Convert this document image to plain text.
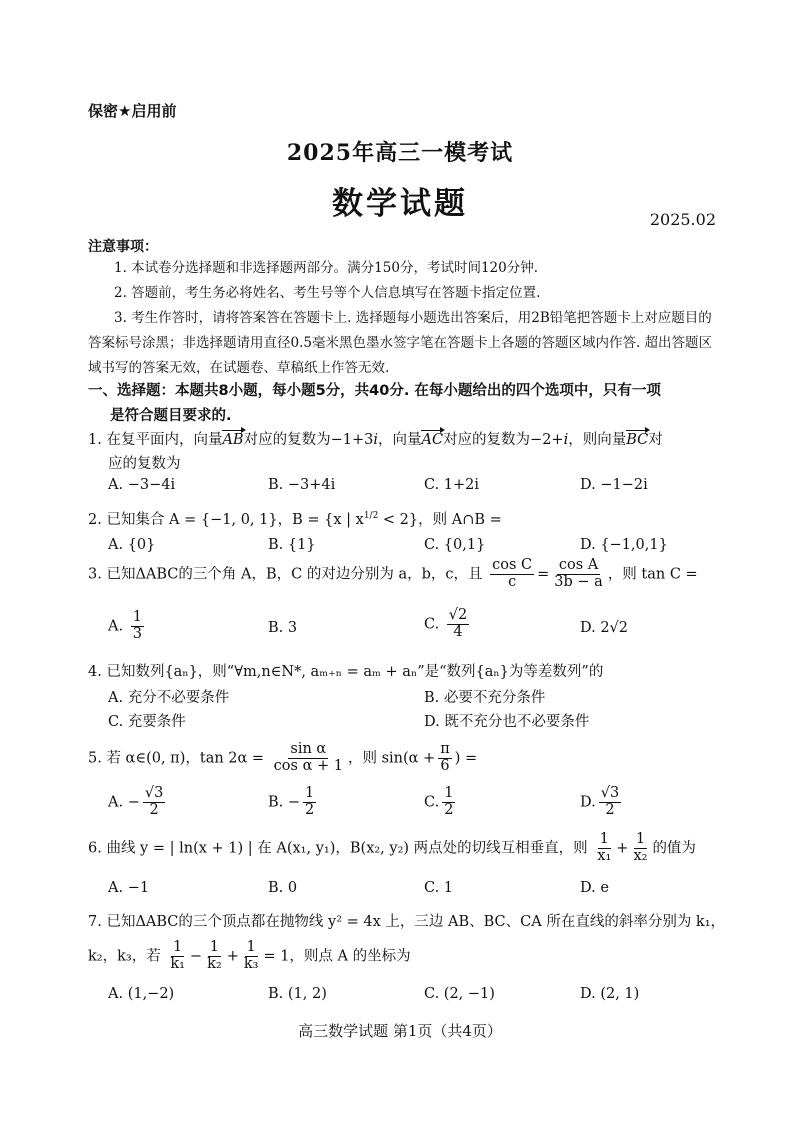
保密★启用前
2025年高三一模考试
数学试题	2025.02
注意事项：
1. 本试卷分选择题和非选择题两部分。满分150分，考试时间120分钟.
2. 答题前，考生务必将姓名、考生号等个人信息填写在答题卡指定位置.
3. 考生作答时，请将答案答在答题卡上. 选择题每小题选出答案后，用2B铅笔把答题卡上对应题目的答案标号涂黑；非选择题请用直径0.5毫米黑色墨水签字笔在答题卡上各题的答题区域内作答. 超出答题区域书写的答案无效，在试题卷、草稿纸上作答无效.
一、选择题：本题共8小题，每小题5分，共40分. 在每小题给出的四个选项中，只有一项
是符合题目要求的.
1. 在复平面内，向量AB对应的复数为−1+3i，向量AC对应的复数为−2+i，则向量BC对
应的复数为
A. −3−4i	B. −3+4i	C. 1+2i	D. −1−2i
2. 已知集合 A = {−1, 0, 1}，B = {x | $x^{1/2} < 2$}，则 A∩B =
A. {0}	B. {1}	C. {0,1}	D. {−1,0,1}
3. 已知ΔABC的三个角 A，B，C 的对边分别为 a，b，c，且 $\frac{\text{cos C}}{c} = \frac{\text{cos A}}{3b - a}$ ，则 tan C =
A. $\frac{1}{3}$	B. 3	C. $\frac{√2}{4}$	D. 2√2
4. 已知数列{aₙ}，则“∀m,n∈N*, aₘ₊ₙ = aₘ + aₙ”是“数列{aₙ}为等差数列”的
A. 充分不必要条件	B. 必要不充分条件
C. 充要条件	D. 既不充分也不必要条件
5. 若 α∈(0, π)，$\tan 2\alpha = \frac{\text{sin α}}{\text{cos α + 1}}$ ，则 $\sin(\alpha + \frac{\pi}{6}$ ) =
A. − $\frac{√3}{2}$	B. − $\frac{1}{2}$	C. $\frac{1}{2}$	D. $\frac{√3}{2}$
6. 曲线 y = | ln(x + 1) | 在 A(x₁, y₁)，B(x₂, y₂) 两点处的切线互相垂直，则 $\frac{1}{\text{x₁}} + \frac{1}{\text{x₂}}$ 的值为
A. −1	B. 0	C. 1	D. e
7. 已知ΔABC的三个顶点都在抛物线 y² = 4x 上，三边 AB、BC、CA 所在直线的斜率分别为 k₁，
k₂，k₃，若 $\frac{1}{\text{k₁}} - \frac{1}{\text{k₂}} + \frac{1}{\text{k₃}} = 1$，则点 A 的坐标为
A. (1,−2)	B. (1, 2)	C. (2, −1)	D. (2, 1)
高三数学试题 第1页（共4页）
